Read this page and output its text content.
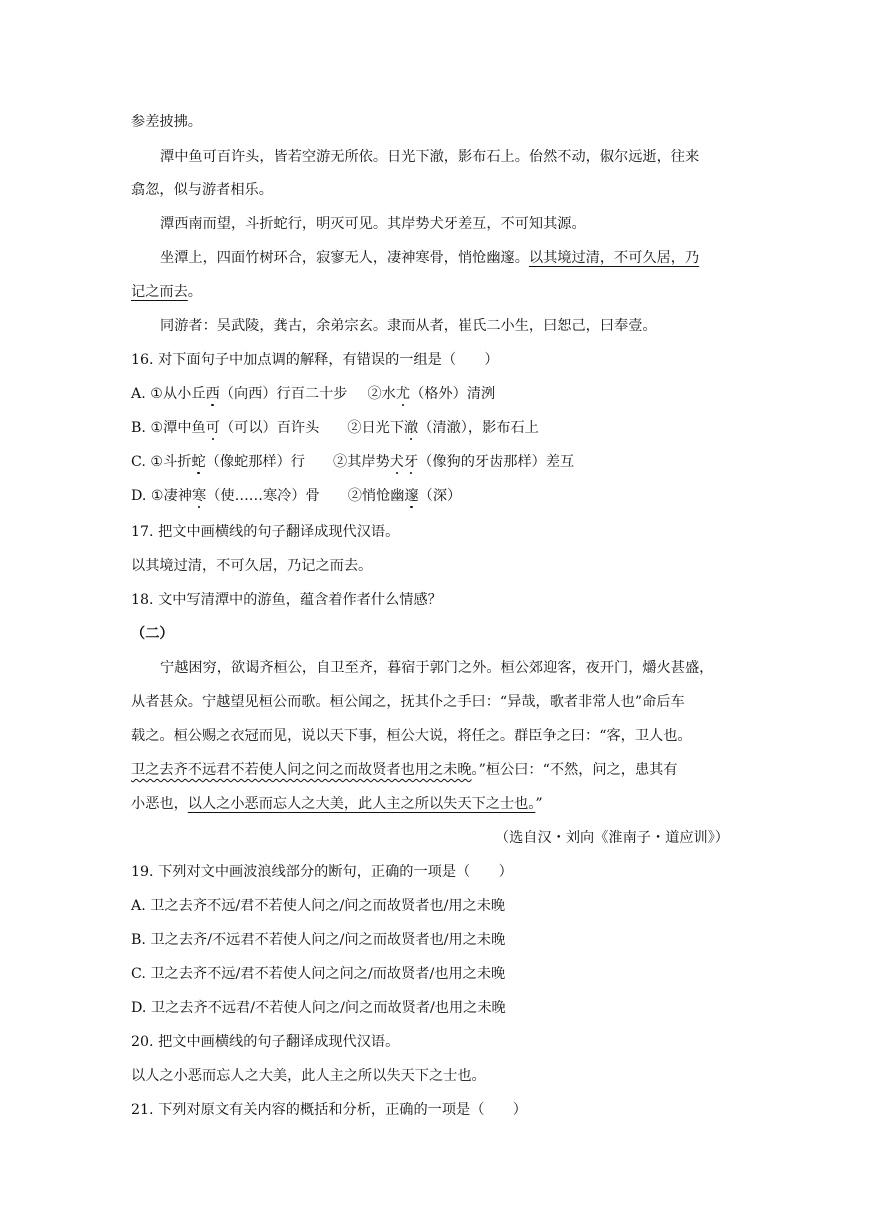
参差披拂。
潭中鱼可百许头，皆若空游无所依。日光下澈，影布石上。佁然不动，俶尔远逝，往来
翕忽，似与游者相乐。
潭西南而望，斗折蛇行，明灭可见。其岸势犬牙差互，不可知其源。
坐潭上，四面竹树环合，寂寥无人，凄神寒骨，悄怆幽邃。以其境过清，不可久居，乃
记之而去。
同游者：吴武陵，龚古，余弟宗玄。隶而从者，崔氏二小生，曰恕己，曰奉壹。
16. 对下面句子中加点调的解释，有错误的一组是（　　）
A. ①从小丘西（向西）行百二十步 ②水尤（格外）清洌
B. ①潭中鱼可（可以）百许头 ②日光下澈（清澈），影布石上
C. ①斗折蛇（像蛇那样）行 ②其岸势犬牙（像狗的牙齿那样）差互
D. ①凄神寒（使……寒冷）骨 ②悄怆幽邃（深）
17. 把文中画横线的句子翻译成现代汉语。
以其境过清，不可久居，乃记之而去。
18. 文中写清潭中的游鱼，蕴含着作者什么情感？
（二）
宁越困穷，欲谒齐桓公，自卫至齐，暮宿于郭门之外。桓公郊迎客，夜开门，爝火甚盛，
从者甚众。宁越望见桓公而歌。桓公闻之，抚其仆之手曰：“异哉，歌者非常人也”命后车
载之。桓公赐之衣冠而见，说以天下事，桓公大说，将任之。群臣争之曰：“客，卫人也。
卫之去齐不远君不若使人问之问之而故贤者也用之未晚。”桓公曰：“不然，问之，患其有
小恶也，以人之小恶而忘人之大美，此人主之所以失天下之士也。”
（选自汉・刘向《淮南子・道应训》）
19. 下列对文中画波浪线部分的断句，正确的一项是（　　）
A. 卫之去齐不远/君不若使人问之/问之而故贤者也/用之未晚
B. 卫之去齐/不远君不若使人问之/问之而故贤者也/用之未晚
C. 卫之去齐不远/君不若使人问之问之/而故贤者/也用之未晚
D. 卫之去齐不远君/不若使人问之/问之而故贤者/也用之未晚
20. 把文中画横线的句子翻译成现代汉语。
以人之小恶而忘人之大美，此人主之所以失天下之士也。
21. 下列对原文有关内容的概括和分析，正确的一项是（　　）
